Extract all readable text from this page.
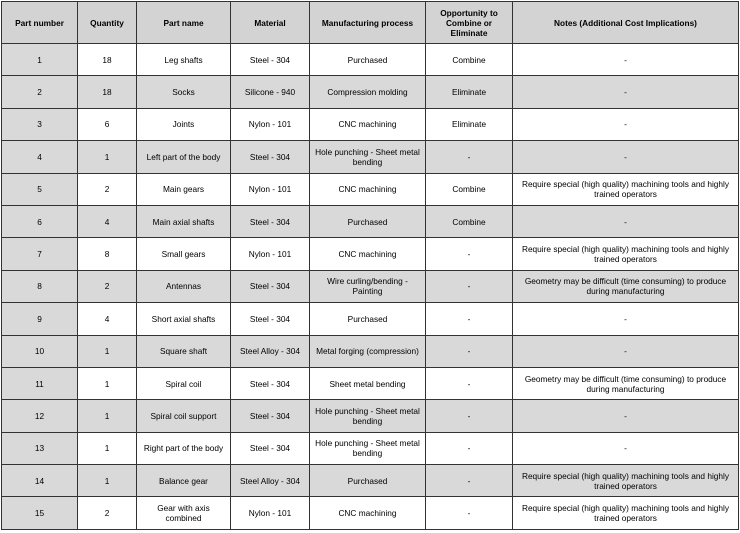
Part number	Quantity	Part name	Material	Manufacturing process	Opportunity to Combine or Eliminate	Notes (Additional Cost Implications)
1	18	Leg shafts	Steel - 304	Purchased	Combine	-
2	18	Socks	Silicone - 940	Compression molding	Eliminate	-
3	6	Joints	Nylon - 101	CNC machining	Eliminate	-
4	1	Left part of the body	Steel - 304	Hole punching - Sheet metal bending	-	-
5	2	Main gears	Nylon - 101	CNC machining	Combine	Require special (high quality) machining tools and highly trained operators
6	4	Main axial shafts	Steel - 304	Purchased	Combine	-
7	8	Small gears	Nylon - 101	CNC machining	-	Require special (high quality) machining tools and highly trained operators
8	2	Antennas	Steel - 304	Wire curling/bending - Painting	-	Geometry may be difficult (time consuming) to produce during manufacturing
9	4	Short axial shafts	Steel - 304	Purchased	-	-
10	1	Square shaft	Steel Alloy - 304	Metal forging (compression)	-	-
11	1	Spiral coil	Steel - 304	Sheet metal bending	-	Geometry may be difficult (time consuming) to produce during manufacturing
12	1	Spiral coil support	Steel - 304	Hole punching - Sheet metal bending	-	-
13	1	Right part of the body	Steel - 304	Hole punching - Sheet metal bending	-	-
14	1	Balance gear	Steel Alloy - 304	Purchased	-	Require special (high quality) machining tools and highly trained operators
15	2	Gear with axis combined	Nylon - 101	CNC machining	-	Require special (high quality) machining tools and highly trained operators
